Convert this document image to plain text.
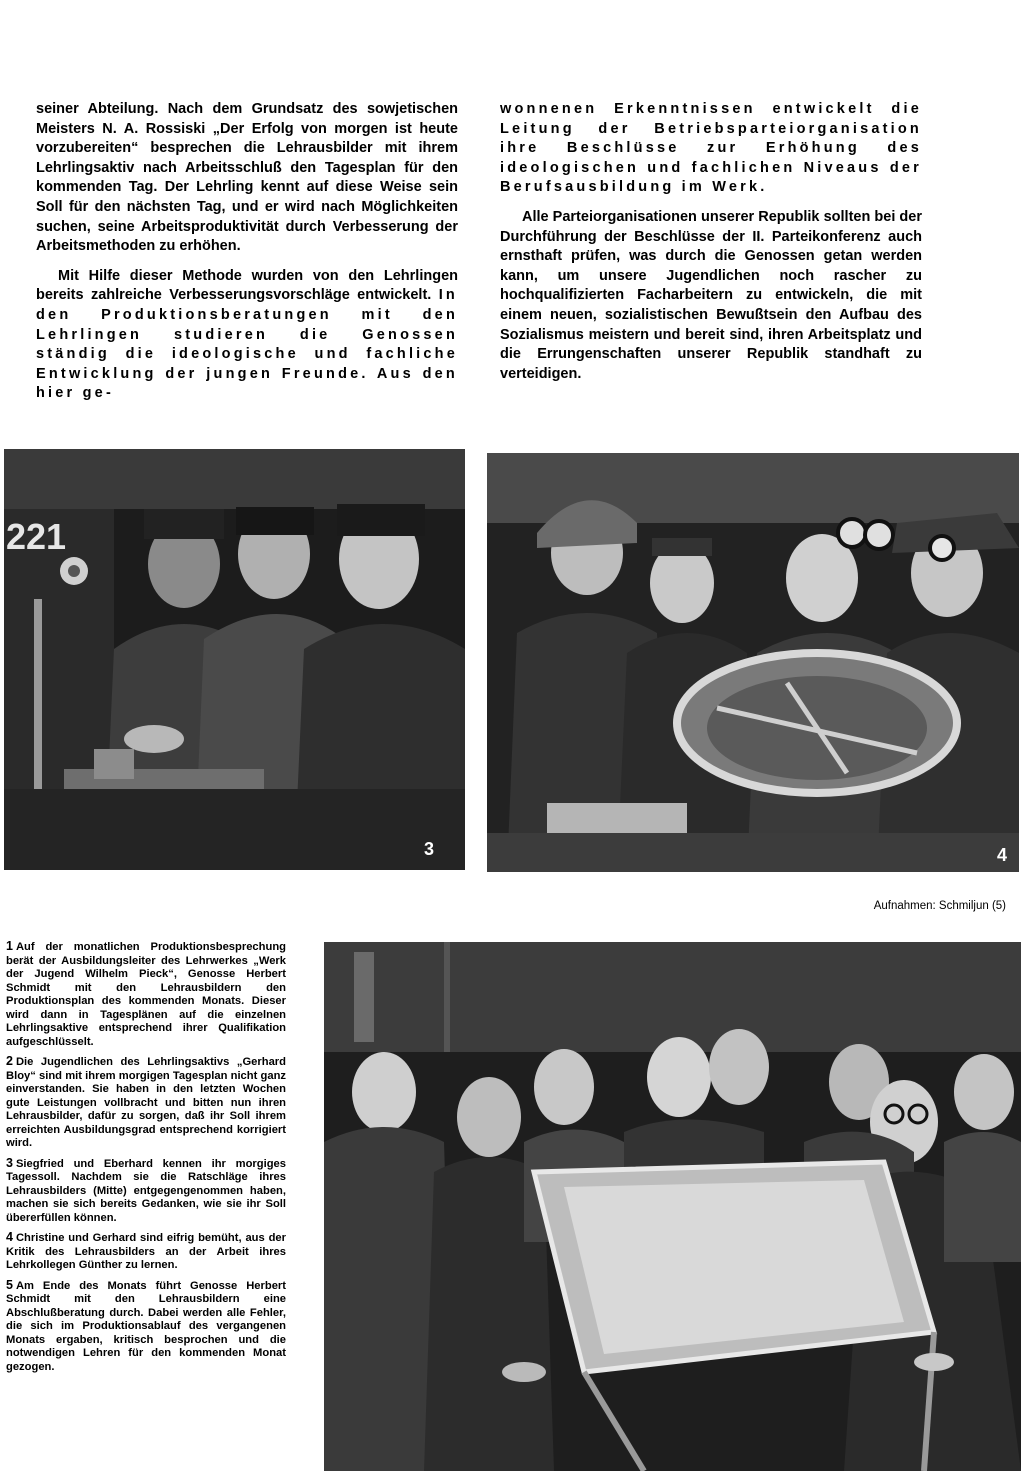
seiner Abteilung. Nach dem Grundsatz des sowjetischen Meisters N. A. Rossiski „Der Erfolg von morgen ist heute vorzubereiten“ besprechen die Lehrausbilder mit ihrem Lehrlingsaktiv nach Arbeitsschluß den Tagesplan für den kommenden Tag. Der Lehrling kennt auf diese Weise sein Soll für den nächsten Tag, und er wird nach Möglichkeiten suchen, seine Arbeitsproduktivität durch Verbesserung der Arbeitsmethoden zu erhöhen.

Mit Hilfe dieser Methode wurden von den Lehrlingen bereits zahlreiche Verbesserungsvorschläge entwickelt. In den Produktionsberatungen mit den Lehrlingen studieren die Genossen ständig die ideologische und fachliche Entwicklung der jungen Freunde. Aus den hier ge-

wonnenen Erkenntnissen entwickelt die Leitung der Betriebsparteiorganisation ihre Beschlüsse zur Erhöhung des ideologischen und fachlichen Niveaus der Berufsausbildung im Werk.

Alle Parteiorganisationen unserer Republik sollten bei der Durchführung der Beschlüsse der II. Parteikonferenz auch ernsthaft prüfen, was durch die Genossen getan werden kann, um unsere Jugendlichen noch rascher zu hochqualifizierten Facharbeitern zu entwickeln, die mit einem neuen, sozialistischen Bewußtsein den Aufbau des Sozialismus meistern und bereit sind, ihren Arbeitsplatz und die Errungenschaften unserer Republik standhaft zu verteidigen.

221
3	4
Aufnahmen: Schmiljun (5)

1 Auf der monatlichen Produktionsbesprechung berät der Ausbildungsleiter des Lehrwerkes „Werk der Jugend Wilhelm Pieck“, Genosse Herbert Schmidt mit den Lehrausbildern den Produktionsplan des kommenden Monats. Dieser wird dann in Tagesplänen auf die einzelnen Lehrlingsaktive entsprechend ihrer Qualifikation aufgeschlüsselt.

2 Die Jugendlichen des Lehrlingsaktivs „Gerhard Bloy“ sind mit ihrem morgigen Tagesplan nicht ganz einverstanden. Sie haben in den letzten Wochen gute Leistungen vollbracht und bitten nun ihren Lehrausbilder, dafür zu sorgen, daß ihr Soll ihrem erreichten Ausbildungsgrad entsprechend korrigiert wird.

3 Siegfried und Eberhard kennen ihr morgiges Tagessoll. Nachdem sie die Ratschläge ihres Lehrausbilders (Mitte) entgegengenommen haben, machen sie sich bereits Gedanken, wie sie ihr Soll übererfüllen können.

4 Christine und Gerhard sind eifrig bemüht, aus der Kritik des Lehrausbilders an der Arbeit ihres Lehrkollegen Günther zu lernen.

5 Am Ende des Monats führt Genosse Herbert Schmidt mit den Lehrausbildern eine Abschlußberatung durch. Dabei werden alle Fehler, die sich im Produktionsablauf des vergangenen Monats ergaben, kritisch besprochen und die notwendigen Lehren für den kommenden Monat gezogen.
